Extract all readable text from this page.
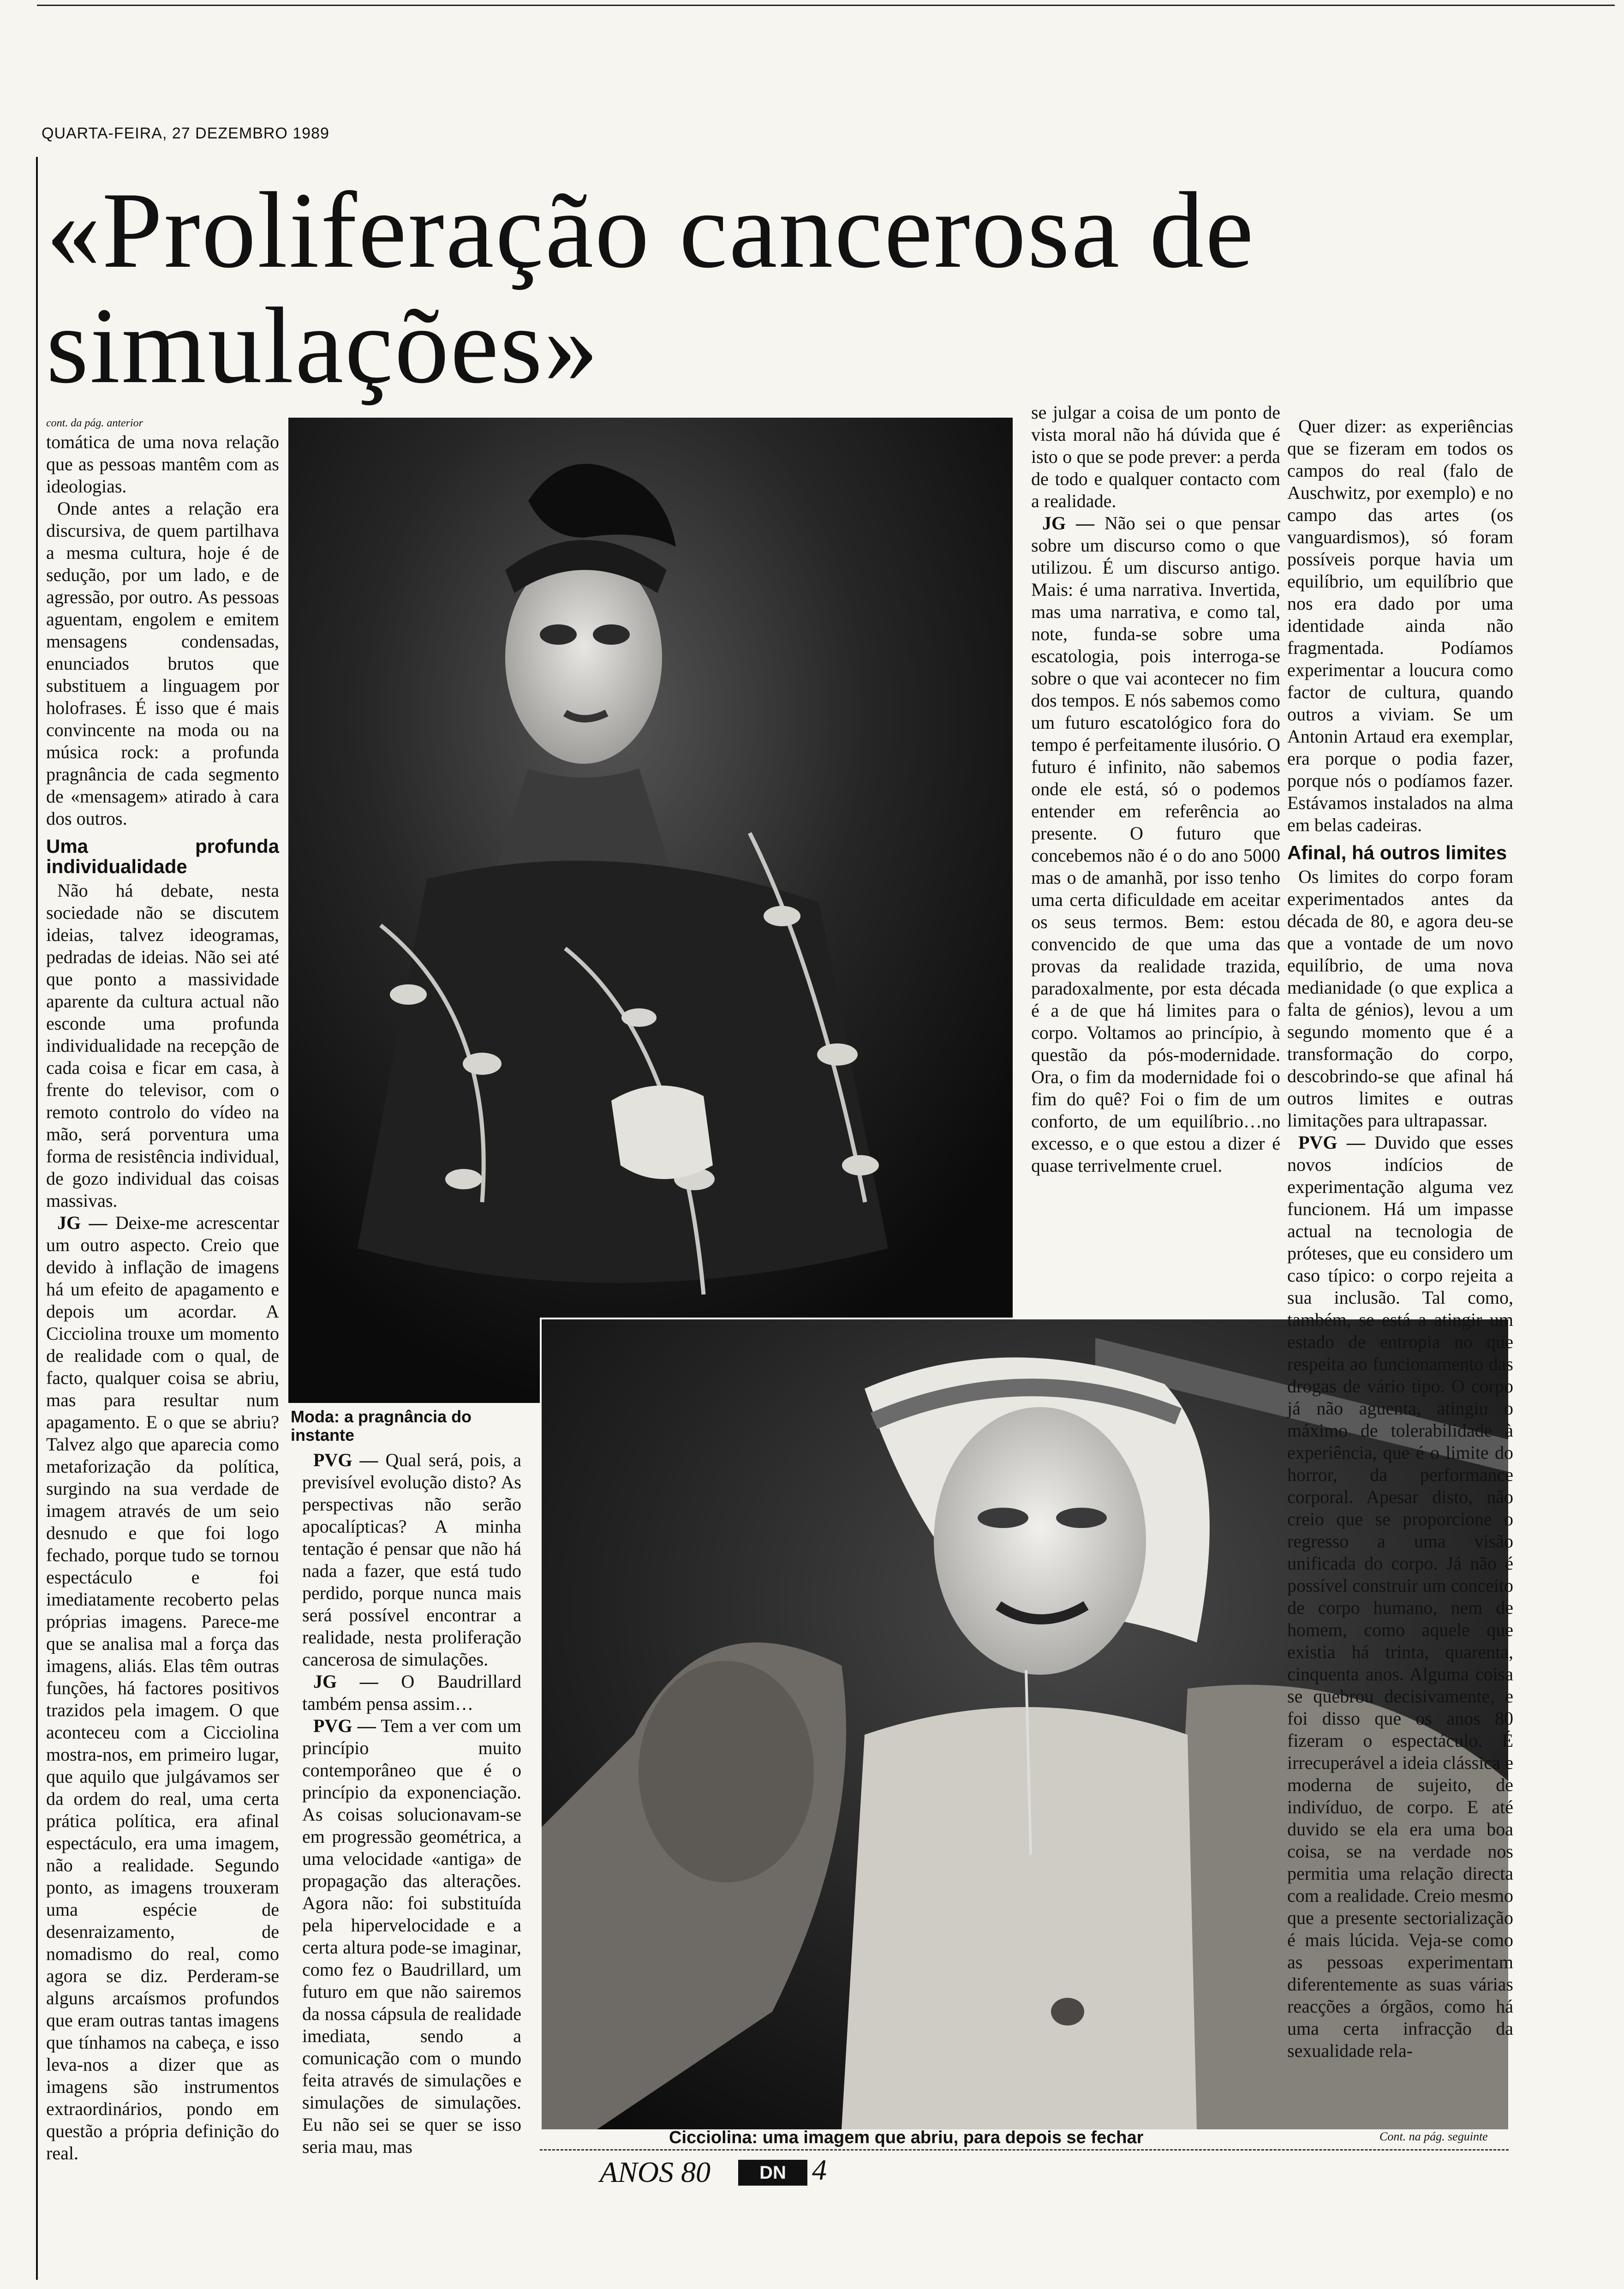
QUARTA-FEIRA, 27 DEZEMBRO 1989
«Proliferação cancerosa de simulações»

cont. da pág. anterior

tomática de uma nova relação que as pessoas mantêm com as ideologias.

Onde antes a relação era discursiva, de quem partilhava a mesma cultura, hoje é de sedução, por um lado, e de agressão, por outro. As pessoas aguentam, engolem e emitem mensagens condensadas, enunciados brutos que substituem a linguagem por holofrases. É isso que é mais convincente na moda ou na música rock: a profunda pragnância de cada segmento de «mensagem» atirado à cara dos outros.

Uma profunda individualidade

Não há debate, nesta sociedade não se discutem ideias, talvez ideogramas, pedradas de ideias. Não sei até que ponto a massividade aparente da cultura actual não esconde uma profunda individualidade na recepção de cada coisa e ficar em casa, à frente do televisor, com o remoto controlo do vídeo na mão, será porventura uma forma de resistência individual, de gozo individual das coisas massivas.

JG — Deixe-me acrescentar um outro aspecto. Creio que devido à inflação de imagens há um efeito de apagamento e depois um acordar. A Cicciolina trouxe um momento de realidade com o qual, de facto, qualquer coisa se abriu, mas para resultar num apagamento. E o que se abriu? Talvez algo que aparecia como metaforização da política, surgindo na sua verdade de imagem através de um seio desnudo e que foi logo fechado, porque tudo se tornou espectáculo e foi imediatamente recoberto pelas próprias imagens. Parece-me que se analisa mal a força das imagens, aliás. Elas têm outras funções, há factores positivos trazidos pela imagem. O que aconteceu com a Cicciolina mostra-nos, em primeiro lugar, que aquilo que julgávamos ser da ordem do real, uma certa prática política, era afinal espectáculo, era uma imagem, não a realidade. Segundo ponto, as imagens trouxeram uma espécie de desenraizamento, de nomadismo do real, como agora se diz. Perderam-se alguns arcaísmos profundos que eram outras tantas imagens que tínhamos na cabeça, e isso leva-nos a dizer que as imagens são instrumentos extraordinários, pondo em questão a própria definição do real.

Moda: a pragnância do instante

PVG — Qual será, pois, a previsível evolução disto? As perspectivas não serão apocalípticas? A minha tentação é pensar que não há nada a fazer, que está tudo perdido, porque nunca mais será possível encontrar a realidade, nesta proliferação cancerosa de simulações.

JG — O Baudrillard também pensa assim…

PVG — Tem a ver com um princípio muito contemporâneo que é o princípio da exponenciação. As coisas solucionavam-se em progressão geométrica, a uma velocidade «antiga» de propagação das alterações. Agora não: foi substituída pela hipervelocidade e a certa altura pode-se imaginar, como fez o Baudrillard, um futuro em que não sairemos da nossa cápsula de realidade imediata, sendo a comunicação com o mundo feita através de simulações e simulações de simulações. Eu não sei se quer se isso seria mau, mas

se julgar a coisa de um ponto de vista moral não há dúvida que é isto o que se pode prever: a perda de todo e qualquer contacto com a realidade.

JG — Não sei o que pensar sobre um discurso como o que utilizou. É um discurso antigo. Mais: é uma narrativa. Invertida, mas uma narrativa, e como tal, note, funda-se sobre uma escatologia, pois interroga-se sobre o que vai acontecer no fim dos tempos. E nós sabemos como um futuro escatológico fora do tempo é perfeitamente ilusório. O futuro é infinito, não sabemos onde ele está, só o podemos entender em referência ao presente. O futuro que concebemos não é o do ano 5000 mas o de amanhã, por isso tenho uma certa dificuldade em aceitar os seus termos. Bem: estou convencido de que uma das provas da realidade trazida, paradoxalmente, por esta década é a de que há limites para o corpo. Voltamos ao princípio, à questão da pós-modernidade. Ora, o fim da modernidade foi o fim do quê? Foi o fim de um conforto, de um equilíbrio…no excesso, e o que estou a dizer é quase terrivelmente cruel.

Quer dizer: as experiências que se fizeram em todos os campos do real (falo de Auschwitz, por exemplo) e no campo das artes (os vanguardismos), só foram possíveis porque havia um equilíbrio, um equilíbrio que nos era dado por uma identidade ainda não fragmentada. Podíamos experimentar a loucura como factor de cultura, quando outros a viviam. Se um Antonin Artaud era exemplar, era porque o podia fazer, porque nós o podíamos fazer. Estávamos instalados na alma em belas cadeiras.

Afinal, há outros limites

Os limites do corpo foram experimentados antes da década de 80, e agora deu-se que a vontade de um novo equilíbrio, de uma nova medianidade (o que explica a falta de génios), levou a um segundo momento que é a transformação do corpo, descobrindo-se que afinal há outros limites e outras limitações para ultrapassar.

PVG — Duvido que esses novos indícios de experimentação alguma vez funcionem. Há um impasse actual na tecnologia de próteses, que eu considero um caso típico: o corpo rejeita a sua inclusão. Tal como, também, se está a atingir um estado de entropia no que respeita ao funcionamento das drogas de vário tipo. O corpo já não aguenta, atingiu o máximo de tolerabilidade à experiência, que é o limite do horror, da performance corporal. Apesar disto, não creio que se proporcione o regresso a uma visão unificada do corpo. Já não é possível construir um conceito de corpo humano, nem de homem, como aquele que existia há trinta, quarenta, cinquenta anos. Alguma coisa se quebrou decisivamente, e foi disso que os anos 80 fizeram o espectáculo. É irrecuperável a ideia clássica e moderna de sujeito, de indivíduo, de corpo. E até duvido se ela era uma boa coisa, se na verdade nos permitia uma relação directa com a realidade. Creio mesmo que a presente sectorialização é mais lúcida. Veja-se como as pessoas experimentam diferentemente as suas várias reacções a órgãos, como há uma certa infracção da sexualidade rela-

Cicciolina: uma imagem que abriu, para depois se fechar	Cont. na pág. seguinte
ANOS 80	DN 4
